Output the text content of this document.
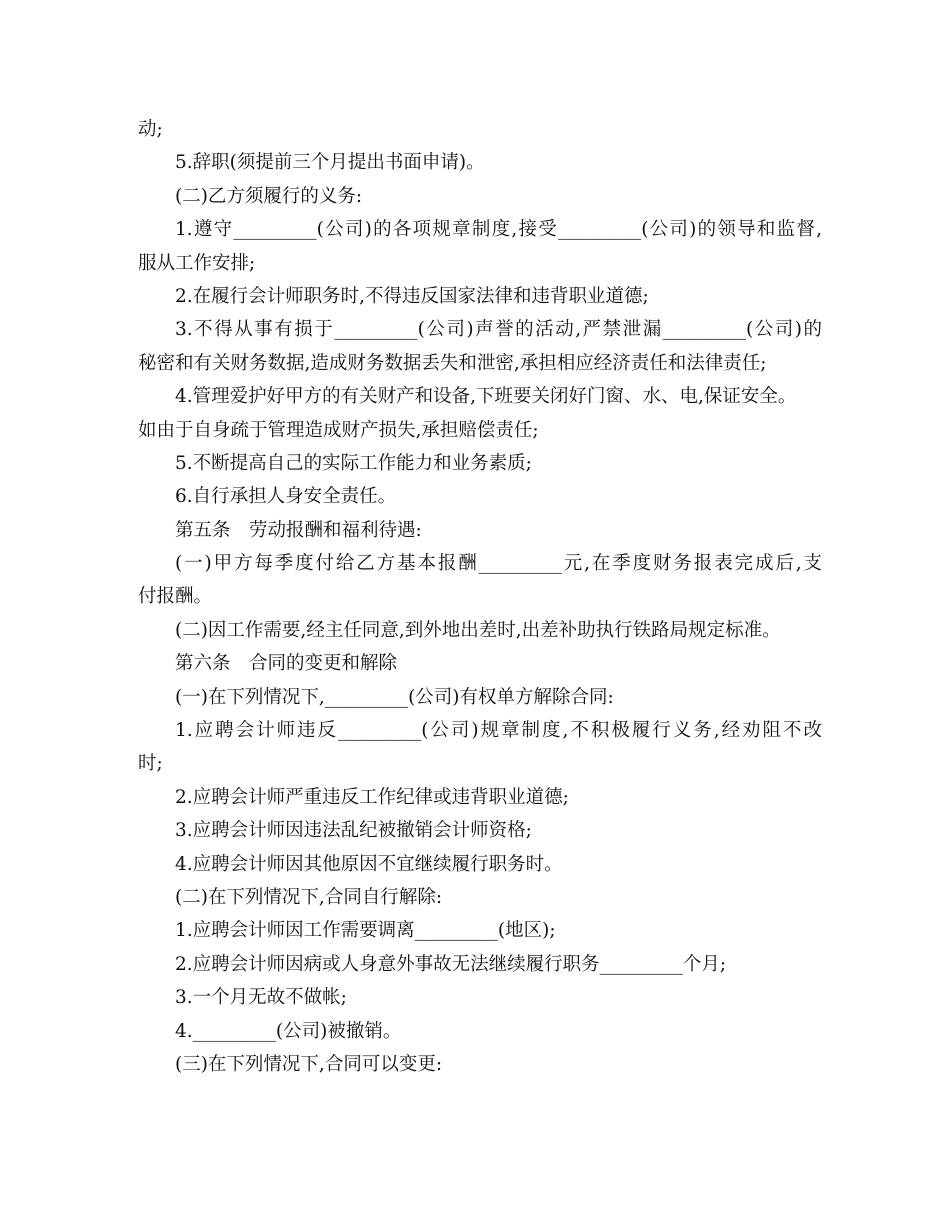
动;
5.辞职(须提前三个月提出书面申请)。
(二)乙方须履行的义务:
1.遵守_________(公司)的各项规章制度,接受_________(公司)的领导和监督,
服从工作安排;
2.在履行会计师职务时,不得违反国家法律和违背职业道德;
3.不得从事有损于_________(公司)声誉的活动,严禁泄漏_________(公司)的
秘密和有关财务数据,造成财务数据丢失和泄密,承担相应经济责任和法律责任;
4.管理爱护好甲方的有关财产和设备,下班要关闭好门窗、水、电,保证安全。
如由于自身疏于管理造成财产损失,承担赔偿责任;
5.不断提高自己的实际工作能力和业务素质;
6.自行承担人身安全责任。
第五条　劳动报酬和福利待遇:
(一)甲方每季度付给乙方基本报酬_________元,在季度财务报表完成后,支
付报酬。
(二)因工作需要,经主任同意,到外地出差时,出差补助执行铁路局规定标准。
第六条　合同的变更和解除
(一)在下列情况下,_________(公司)有权单方解除合同:
1.应聘会计师违反_________(公司)规章制度,不积极履行义务,经劝阻不改
时;
2.应聘会计师严重违反工作纪律或违背职业道德;
3.应聘会计师因违法乱纪被撤销会计师资格;
4.应聘会计师因其他原因不宜继续履行职务时。
(二)在下列情况下,合同自行解除:
1.应聘会计师因工作需要调离_________(地区);
2.应聘会计师因病或人身意外事故无法继续履行职务_________个月;
3.一个月无故不做帐;
4._________(公司)被撤销。
(三)在下列情况下,合同可以变更:
